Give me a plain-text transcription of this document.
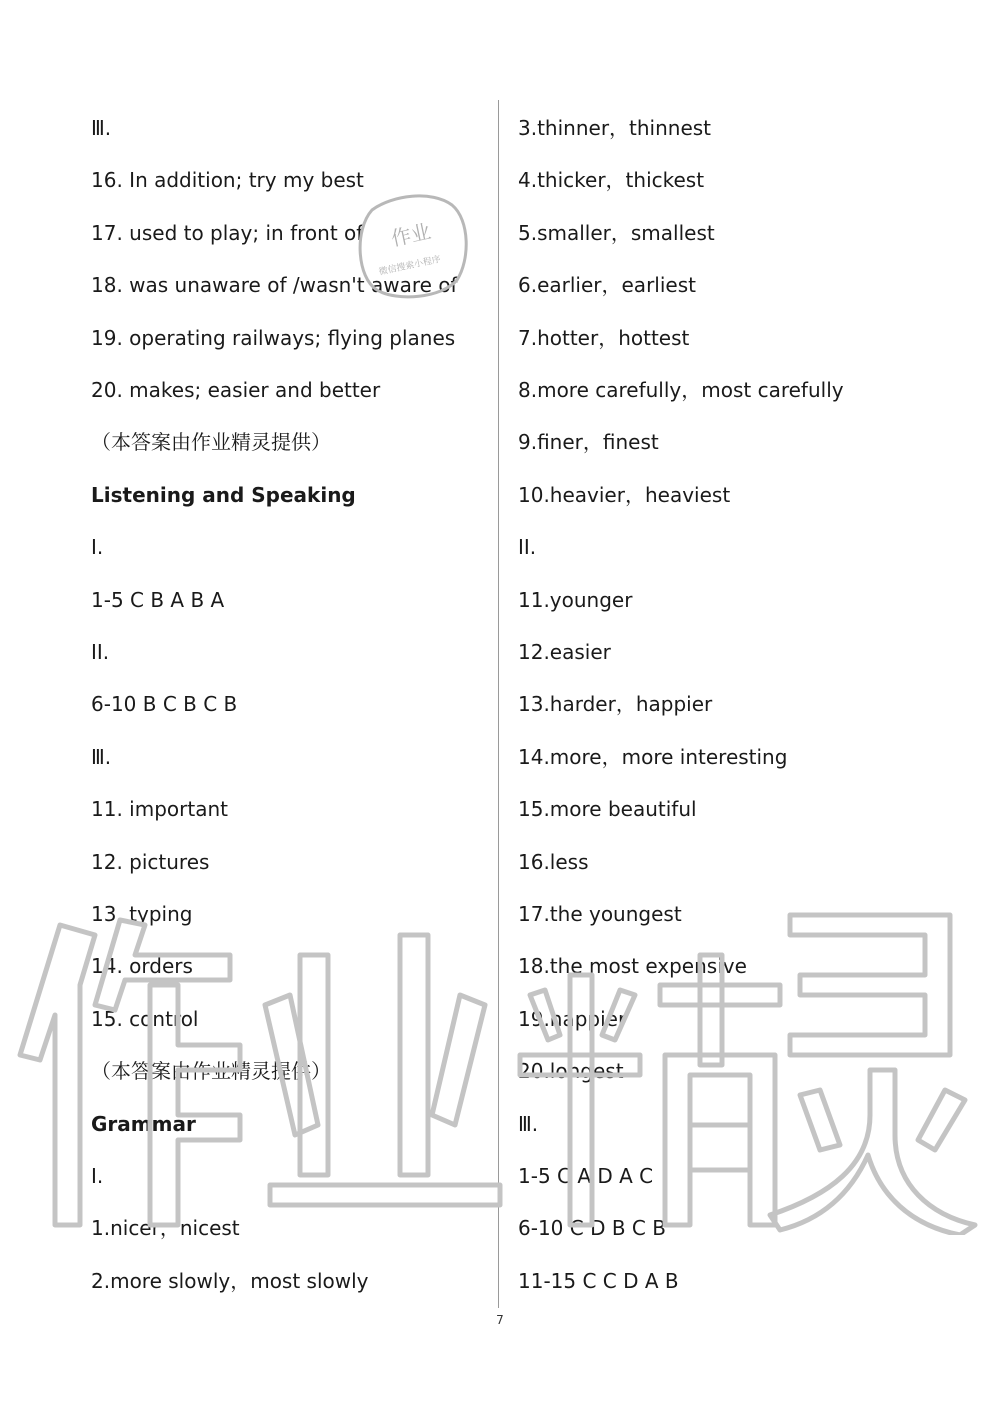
Ⅲ.
16. In addition; try my best
17. used to play; in front of
18. was unaware of /wasn't aware of
19. operating railways; flying planes
20. makes; easier and better
（本答案由作业精灵提供）
Listening and Speaking
I.
1-5 C B A B A
II.
6-10 B C B C B
Ⅲ.
11. important
12. pictures
13. typing
14. orders
15. control
（本答案由作业精灵提供）
Grammar
I.
1.nicer，nicest
2.more slowly，most slowly
3.thinner，thinnest
4.thicker，thickest
5.smaller，smallest
6.earlier，earliest
7.hotter，hottest
8.more carefully，most carefully
9.finer，finest
10.heavier，heaviest
II.
11.younger
12.easier
13.harder，happier
14.more，more interesting
15.more beautiful
16.less
17.the youngest
18.the most expensive
19.happier
20.longest
Ⅲ.
1-5 C A D A C
6-10 C D B C B
11-15 C C D A B
7
作业
微信搜索小程序
